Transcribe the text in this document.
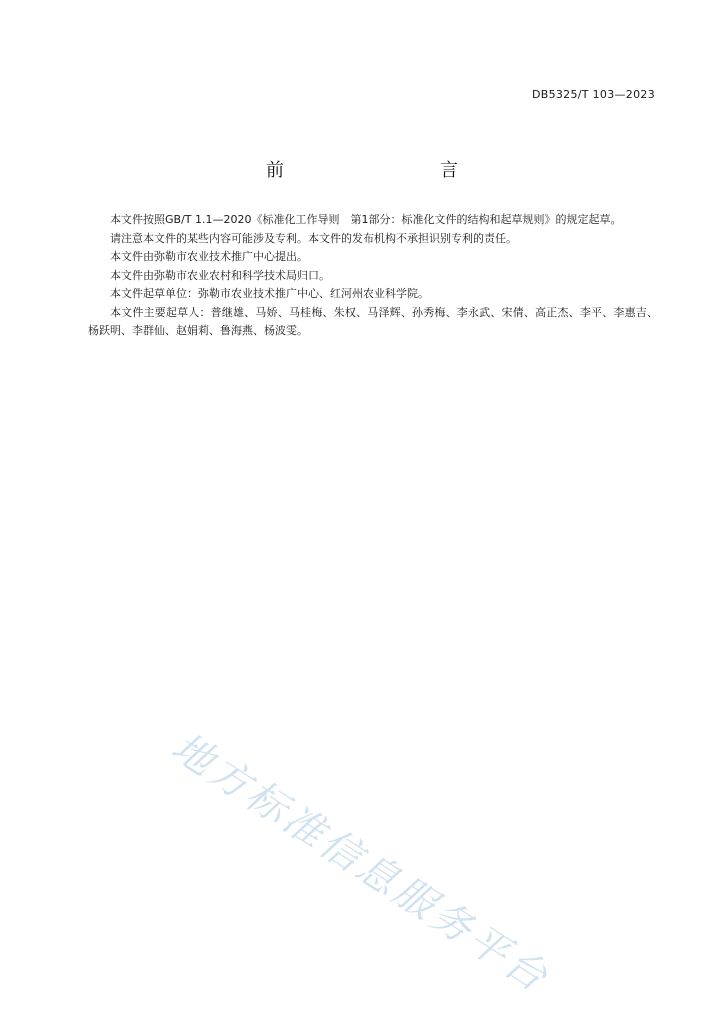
DB5325/T 103—2023
前　　言

本文件按照GB/T 1.1—2020《标准化工作导则　第1部分：标准化文件的结构和起草规则》的规定起草。

请注意本文件的某些内容可能涉及专利。本文件的发布机构不承担识别专利的责任。

本文件由弥勒市农业技术推广中心提出。

本文件由弥勒市农业农村和科学技术局归口。

本文件起草单位：弥勒市农业技术推广中心、红河州农业科学院。

本文件主要起草人：普继雄、马娇、马桂梅、朱权、马泽辉、孙秀梅、李永武、宋倩、高正杰、李平、李惠吉、杨跃明、李群仙、赵娟莉、鲁海燕、杨波雯。

地方标准信息服务平台
